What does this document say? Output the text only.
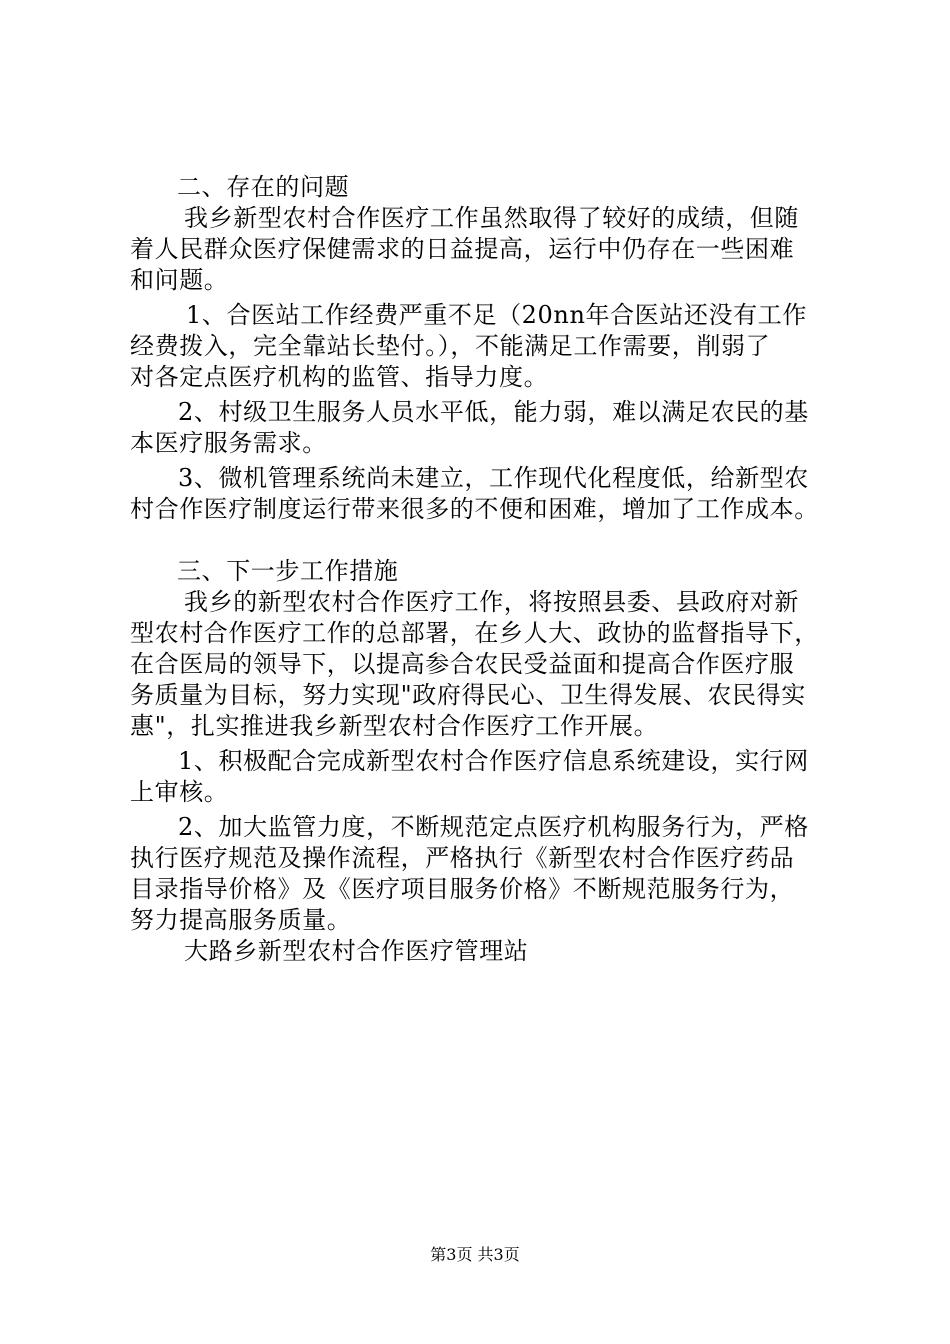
二、存在的问题
我乡新型农村合作医疗工作虽然取得了较好的成绩，但随
着人民群众医疗保健需求的日益提高，运行中仍存在一些困难
和问题。
1、合医站工作经费严重不足（20nn年合医站还没有工作
经费拨入，完全靠站长垫付。），不能满足工作需要，削弱了
对各定点医疗机构的监管、指导力度。
2、村级卫生服务人员水平低，能力弱，难以满足农民的基
本医疗服务需求。
3、微机管理系统尚未建立，工作现代化程度低，给新型农
村合作医疗制度运行带来很多的不便和困难，增加了工作成本。
三、下一步工作措施
我乡的新型农村合作医疗工作，将按照县委、县政府对新
型农村合作医疗工作的总部署，在乡人大、政协的监督指导下，
在合医局的领导下，以提高参合农民受益面和提高合作医疗服
务质量为目标，努力实现"政府得民心、卫生得发展、农民得实
惠"，扎实推进我乡新型农村合作医疗工作开展。
1、积极配合完成新型农村合作医疗信息系统建设，实行网
上审核。
2、加大监管力度，不断规范定点医疗机构服务行为，严格
执行医疗规范及操作流程，严格执行《新型农村合作医疗药品
目录指导价格》及《医疗项目服务价格》不断规范服务行为，
努力提高服务质量。
大路乡新型农村合作医疗管理站
第3页 共3页
